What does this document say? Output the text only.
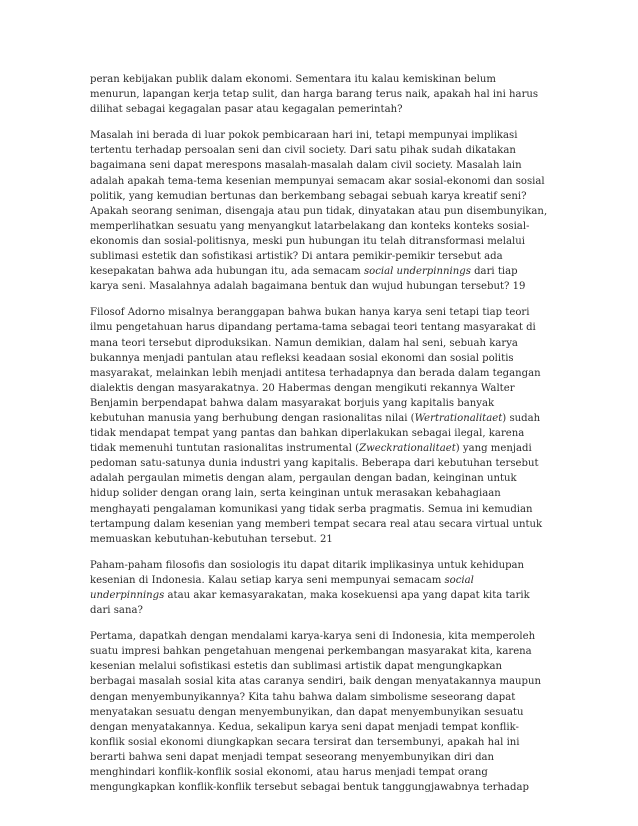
peran kebijakan publik dalam ekonomi. Sementara itu kalau kemiskinan belum menurun, lapangan kerja tetap sulit, dan harga barang terus naik, apakah hal ini harus dilihat sebagai kegagalan pasar atau kegagalan pemerintah?

Masalah ini berada di luar pokok pembicaraan hari ini, tetapi mempunyai implikasi tertentu terhadap persoalan seni dan civil society. Dari satu pihak sudah dikatakan bagaimana seni dapat merespons masalah-masalah dalam civil society. Masalah lain adalah apakah tema-tema kesenian mempunyai semacam akar sosial-ekonomi dan sosial politik, yang kemudian bertunas dan berkembang sebagai sebuah karya kreatif seni? Apakah seorang seniman, disengaja atau pun tidak, dinyatakan atau pun disembunyikan, memperlihatkan sesuatu yang menyangkut latarbelakang dan konteks konteks sosial-ekonomis dan sosial-politisnya, meski pun hubungan itu telah ditransformasi melalui sublimasi estetik dan sofistikasi artistik? Di antara pemikir-pemikir tersebut ada kesepakatan bahwa ada hubungan itu, ada semacam social underpinnings dari tiap karya seni. Masalahnya adalah bagaimana bentuk dan wujud hubungan tersebut? 19

Filosof Adorno misalnya beranggapan bahwa bukan hanya karya seni tetapi tiap teori ilmu pengetahuan harus dipandang pertama-tama sebagai teori tentang masyarakat di mana teori tersebut diproduksikan. Namun demikian, dalam hal seni, sebuah karya bukannya menjadi pantulan atau refleksi keadaan sosial ekonomi dan sosial politis masyarakat, melainkan lebih menjadi antitesa terhadapnya dan berada dalam tegangan dialektis dengan masyarakatnya. 20 Habermas dengan mengikuti rekannya Walter Benjamin berpendapat bahwa dalam masyarakat borjuis yang kapitalis banyak kebutuhan manusia yang berhubung dengan rasionalitas nilai (Wertrationalitaet) sudah tidak mendapat tempat yang pantas dan bahkan diperlakukan sebagai ilegal, karena tidak memenuhi tuntutan rasionalitas instrumental (Zweckrationalitaet) yang menjadi pedoman satu-satunya dunia industri yang kapitalis. Beberapa dari kebutuhan tersebut adalah pergaulan mimetis dengan alam, pergaulan dengan badan, keinginan untuk hidup solider dengan orang lain, serta keinginan untuk merasakan kebahagiaan menghayati pengalaman komunikasi yang tidak serba pragmatis. Semua ini kemudian tertampung dalam kesenian yang memberi tempat secara real atau secara virtual untuk memuaskan kebutuhan-kebutuhan tersebut. 21

Paham-paham filosofis dan sosiologis itu dapat ditarik implikasinya untuk kehidupan kesenian di Indonesia. Kalau setiap karya seni mempunyai semacam social underpinnings atau akar kemasyarakatan, maka kosekuensi apa yang dapat kita tarik dari sana?

Pertama, dapatkah dengan mendalami karya-karya seni di Indonesia, kita memperoleh suatu impresi bahkan pengetahuan mengenai perkembangan masyarakat kita, karena kesenian melalui sofistikasi estetis dan sublimasi artistik dapat mengungkapkan berbagai masalah sosial kita atas caranya sendiri, baik dengan menyatakannya maupun dengan menyembunyikannya? Kita tahu bahwa dalam simbolisme seseorang dapat menyatakan sesuatu dengan menyembunyikan, dan dapat menyembunyikan sesuatu dengan menyatakannya. Kedua, sekalipun karya seni dapat menjadi tempat konflik-konflik sosial ekonomi diungkapkan secara tersirat dan tersembunyi, apakah hal ini berarti bahwa seni dapat menjadi tempat seseorang menyembunyikan diri dan menghindari konflik-konflik sosial ekonomi, atau harus menjadi tempat orang mengungkapkan konflik-konflik tersebut sebagai bentuk tanggungjawabnya terhadap
